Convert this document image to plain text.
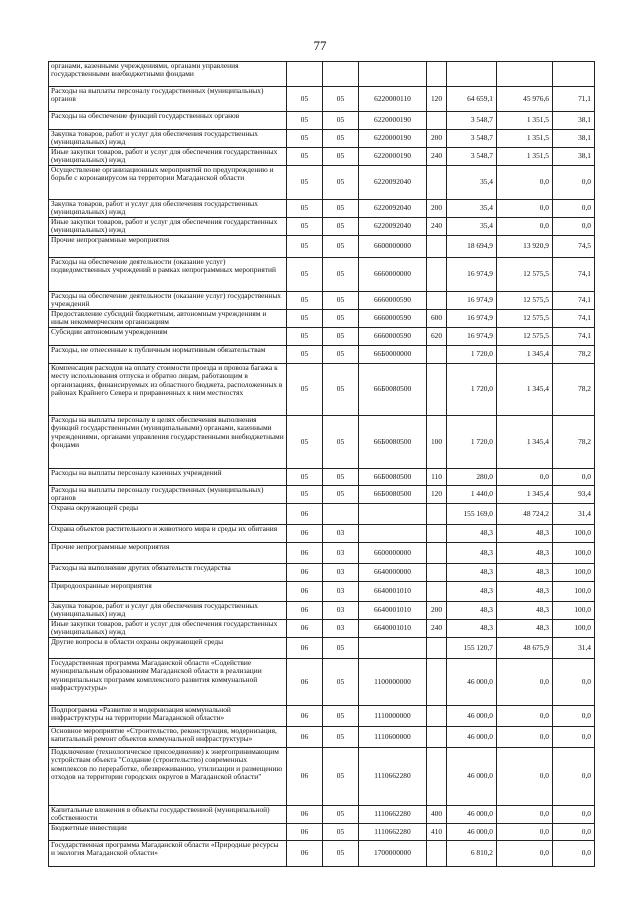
77
органами, казенными учреждениями, органами управления государственными внебюджетными фондами							
Расходы на выплаты персоналу государственных (муниципальных) органов	05	05	6220000110	120	64 659,1	45 976,6	71,1
Расходы на обеспечение функций государственных органов	05	05	6220000190		3 548,7	1 351,5	38,1
Закупка товаров, работ и услуг для обеспечения государственных (муниципальных) нужд	05	05	6220000190	200	3 548,7	1 351,5	38,1
Иные закупки товаров, работ и услуг для обеспечения государственных (муниципальных) нужд	05	05	6220000190	240	3 548,7	1 351,5	38,1
Осуществление организационных мероприятий по предупреждению и борьбе с коронавирусом на территории Магаданской области	05	05	6220092040		35,4	0,0	0,0
Закупка товаров, работ и услуг для обеспечения государственных (муниципальных) нужд	05	05	6220092040	200	35,4	0,0	0,0
Иные закупки товаров, работ и услуг для обеспечения государственных (муниципальных) нужд	05	05	6220092040	240	35,4	0,0	0,0
Прочие непрограммные мероприятия	05	05	6600000000		18 694,9	13 920,9	74,5
Расходы на обеспечение деятельности (оказание услуг) подведомственных учреждений в рамках непрограммных мероприятий	05	05	6660000000		16 974,9	12 575,5	74,1
Расходы на обеспечение деятельности (оказание услуг) государственных учреждений	05	05	6660000590		16 974,9	12 575,5	74,1
Предоставление субсидий бюджетным, автономным учреждениям и иным некоммерческим организациям	05	05	6660000590	600	16 974,9	12 575,5	74,1
Субсидии автономным учреждениям	05	05	6660000590	620	16 974,9	12 575,5	74,1
Расходы, не отнесенные к публичным нормативным обязательствам	05	05	66Б0000000		1 720,0	1 345,4	78,2
Компенсация расходов на оплату стоимости проезда и провоза багажа к месту использования отпуска и обратно лицам, работающим в организациях, финансируемых из областного бюджета, расположенных в районах Крайнего Севера и приравненных к ним местностях	05	05	66Б0080500		1 720,0	1 345,4	78,2
Расходы на выплаты персоналу в целях обеспечения выполнения функций государственными (муниципальными) органами, казенными учреждениями, органами управления государственными внебюджетными фондами	05	05	66Б0080500	100	1 720,0	1 345,4	78,2
Расходы на выплаты персоналу казенных учреждений	05	05	66Б0080500	110	280,0	0,0	0,0
Расходы на выплаты персоналу государственных (муниципальных) органов	05	05	66Б0080500	120	1 440,0	1 345,4	93,4
Охрана окружающей среды	06				155 169,0	48 724,2	31,4
Охрана объектов растительного и животного мира и среды их обитания	06	03			48,3	48,3	100,0
Прочие непрограммные мероприятия	06	03	6600000000		48,3	48,3	100,0
Расходы на выполнение других обязательств государства	06	03	6640000000		48,3	48,3	100,0
Природоохранные мероприятия	06	03	6640001010		48,3	48,3	100,0
Закупка товаров, работ и услуг для обеспечения государственных (муниципальных) нужд	06	03	6640001010	200	48,3	48,3	100,0
Иные закупки товаров, работ и услуг для обеспечения государственных (муниципальных) нужд	06	03	6640001010	240	48,3	48,3	100,0
Другие вопросы в области охраны окружающей среды	06	05			155 120,7	48 675,9	31,4
Государственная программа Магаданской области «Содействие муниципальным образованиям Магаданской области в реализации муниципальных программ комплексного развития коммунальной инфраструктуры»	06	05	1100000000		46 000,0	0,0	0,0
Подпрограмма «Развитие и модернизация коммунальной инфраструктуры на территории Магаданской области»	06	05	1110000000		46 000,0	0,0	0,0
Основное мероприятие «Строительство, реконструкция, модернизация, капитальный ремонт объектов коммунальной инфраструктуры»	06	05	1110600000		46 000,0	0,0	0,0
Подключение (технологическое присоединение) к энергопринимающим устройствам объекта "Создание (строительство) современных комплексов по переработке, обезвреживанию, утилизации и размещению отходов на территории городских округов в Магаданской области"	06	05	1110662280		46 000,0	0,0	0,0
Капитальные вложения в объекты государственной (муниципальной) собственности	06	05	1110662280	400	46 000,0	0,0	0,0
Бюджетные инвестиции	06	05	1110662280	410	46 000,0	0,0	0,0
Государственная программа Магаданской области «Природные ресурсы и экология Магаданской области»	06	05	1700000000		6 810,2	0,0	0,0
